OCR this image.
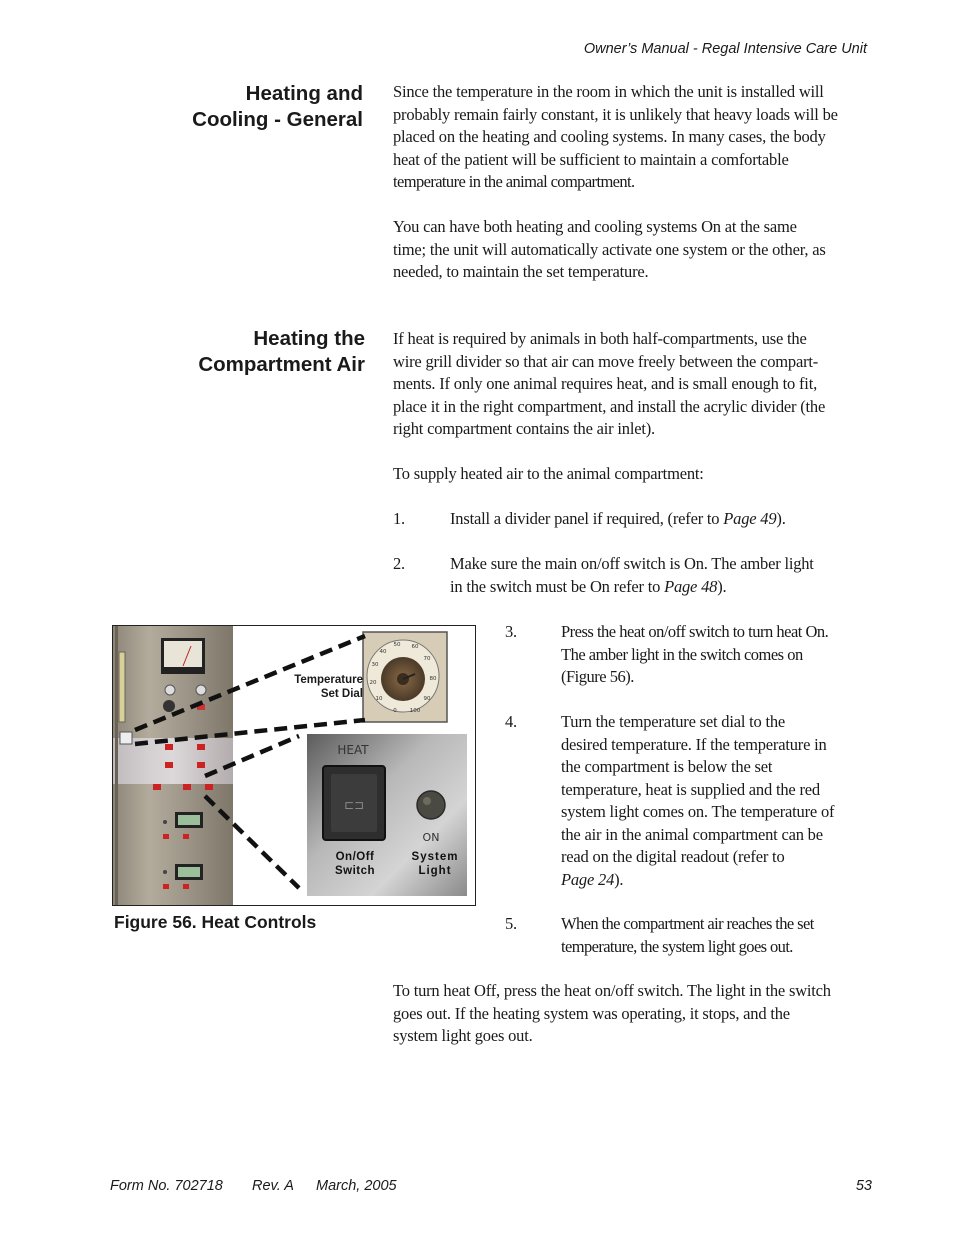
Owner’s Manual - Regal Intensive Care Unit
Heating and
Cooling - General
Since the temperature in the room in which the unit is installed will
probably remain fairly constant, it is unlikely that heavy loads will be
placed on the heating and cooling systems. In many cases, the body
heat of the patient will be sufficient to maintain a comfortable
temperature in the animal compartment.
You can have both heating and cooling systems On at the same
time; the unit will automatically activate one system or the other, as
needed, to maintain the set temperature.
Heating the
Compartment Air
If heat is required by animals in both half-compartments, use the
wire grill divider so that air can move freely between the compart-
ments. If only one animal requires heat, and is small enough to fit,
place it in the right compartment, and install the acrylic divider (the
right compartment contains the air inlet).
To supply heated air to the animal compartment:
1.	Install a divider panel if required, (refer to Page 49).
2.	Make sure the main on/off switch is On. The amber light
in the switch must be On refer to Page 48).
3.	Press the heat on/off switch to turn heat On.
The amber light in the switch comes on
(Figure 56).
4.	Turn the temperature set dial to the
desired temperature. If the temperature in
the compartment is below the set
temperature, heat is supplied and the red
system light comes on. The temperature of
the air in the animal compartment can be
read on the digital readout (refer to
Page 24).
5.	When the compartment air reaches the set
temperature, the system light goes out.
To turn heat Off, press the heat on/off switch. The light in the switch
goes out. If the heating system was operating, it stops, and the
system light goes out.
40
50 60
70
80
90
100
30
20
10
0
HEAT
⊏⊐
ON
Temperature
Set Dial
On/Off
Switch
System
Light
Figure 56. Heat Controls
Form No. 702718 Rev. A March, 2005	53
